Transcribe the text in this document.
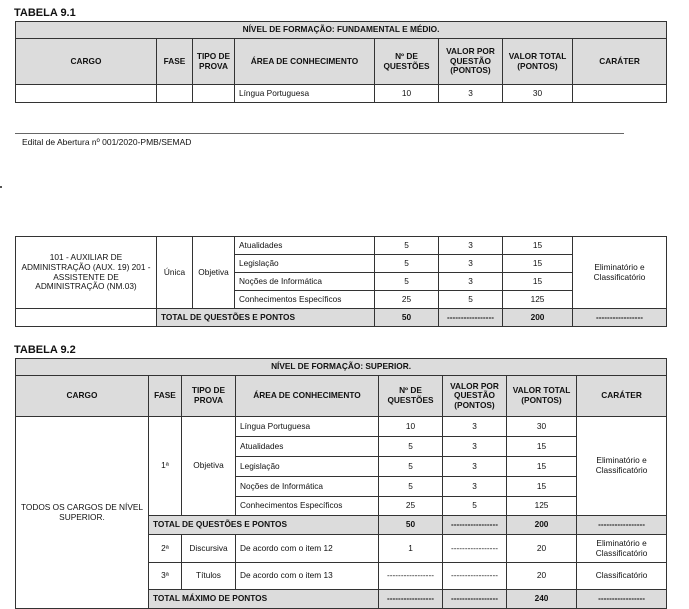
TABELA 9.1
NÍVEL DE FORMAÇÃO: FUNDAMENTAL E MÉDIO.							
CARGO	FASE	TIPO DE PROVA	ÁREA DE CONHECIMENTO	Nº DE QUESTÕES	VALOR POR QUESTÃO (PONTOS)	VALOR TOTAL (PONTOS)	CARÁTER
			Língua Portuguesa	10	3	30	
Edital de Abertura nº 001/2020-PMB/SEMAD
101 - AUXILIAR DE ADMINISTRAÇÃO (AUX. 19) 201 - ASSISTENTE DE ADMINISTRAÇÃO (NM.03)	Única	Objetiva	Atualidades	5	3	15	Eliminatório e Classificatório
			Legislação	5	3	15	
			Noções de Informática	5	3	15	
			Conhecimentos Específicos	25	5	125	
	TOTAL DE QUESTÕES E PONTOS			50	-----------------	200	-----------------
TABELA 9.2
NÍVEL DE FORMAÇÃO: SUPERIOR.							
CARGO	FASE	TIPO DE PROVA	ÁREA DE CONHECIMENTO	Nº DE QUESTÕES	VALOR POR QUESTÃO (PONTOS)	VALOR TOTAL (PONTOS)	CARÁTER
TODOS OS CARGOS DE NÍVEL SUPERIOR.	1ª	Objetiva	Língua Portuguesa	10	3	30	Eliminatório e Classificatório
			Atualidades	5	3	15	
			Legislação	5	3	15	
			Noções de Informática	5	3	15	
			Conhecimentos Específicos	25	5	125	
	TOTAL DE QUESTÕES E PONTOS			50	-----------------	200	-----------------
	2ª	Discursiva	De acordo com o item 12	1	-----------------	20	Eliminatório e Classificatório
	3ª	Títulos	De acordo com o item 13	-----------------	-----------------	20	Classificatório
	TOTAL MÁXIMO DE PONTOS			-----------------	-----------------	240	-----------------
